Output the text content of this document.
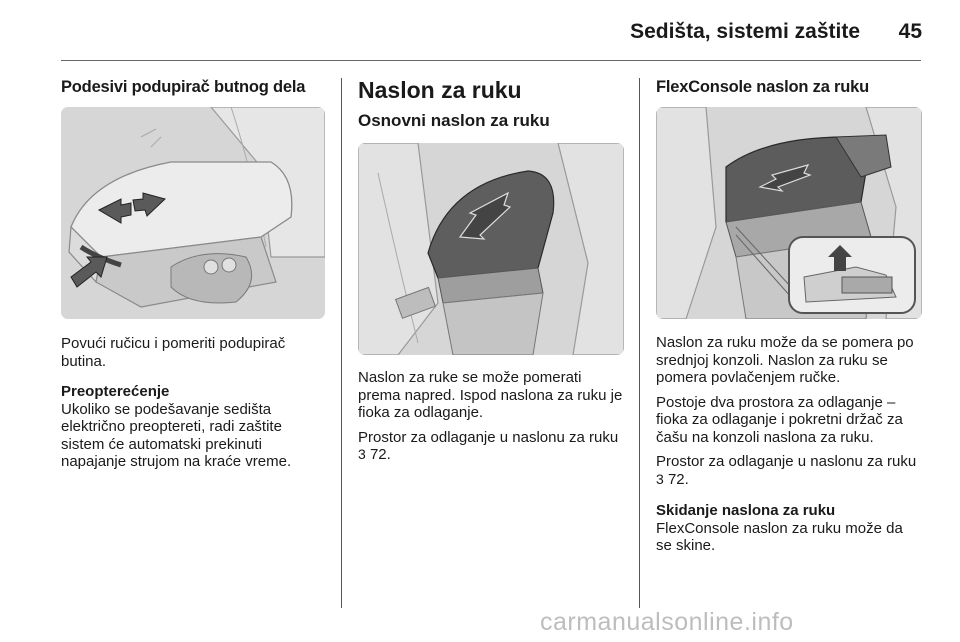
Sedišta, sistemi zaštite	45
Podesivi podupirač butnog dela

Povući ručicu i pomeriti podupirač butina.

Preopterećenje

Ukoliko se podešavanje sedišta električno preoptereti, radi zaštite sistem će automatski prekinuti napajanje strujom na kraće vreme.

Naslon za ruku
Osnovni naslon za ruku

Naslon za ruke se može pomerati prema napred. Ispod naslona za ruku je fioka za odlaganje.

Prostor za odlaganje u naslonu za ruku 3 72.

FlexConsole naslon za ruku

Naslon za ruku može da se pomera po srednjoj konzoli. Naslon za ruku se pomera povlačenjem ručke.

Postoje dva prostora za odlaganje – fioka za odlaganje i pokretni držač za čašu na konzoli naslona za ruku.

Prostor za odlaganje u naslonu za ruku 3 72.

Skidanje naslona za ruku

FlexConsole naslon za ruku može da se skine.

carmanualsonline.info
